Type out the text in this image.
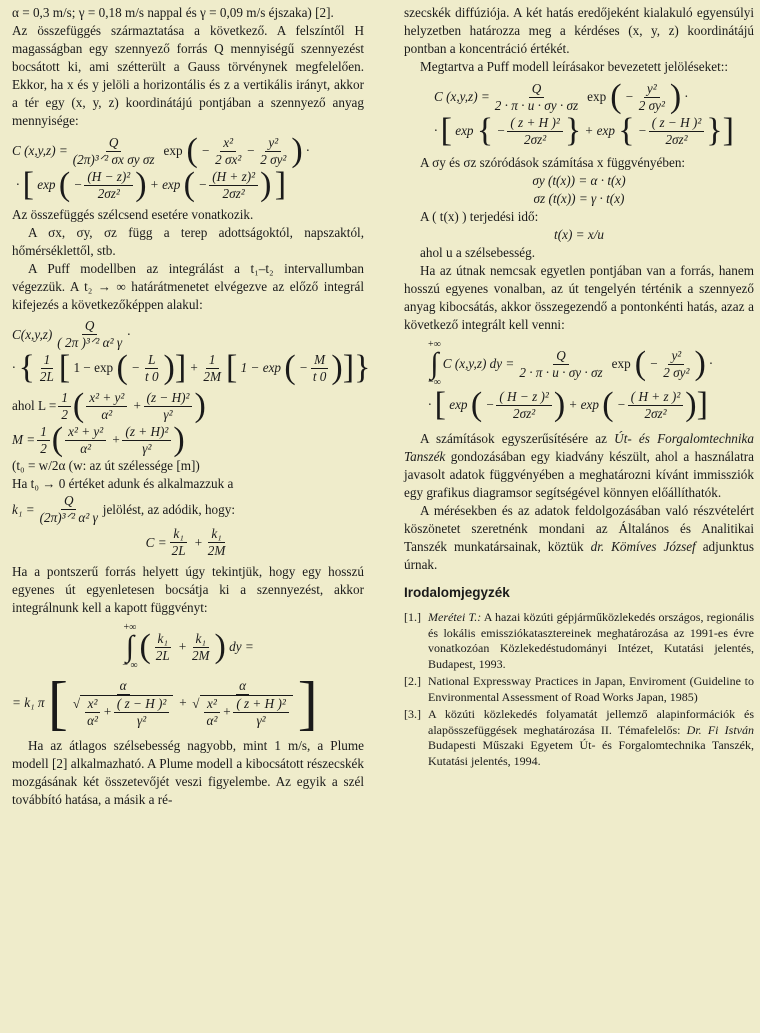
α = 0,3 m/s; γ = 0,18 m/s nappal és γ = 0,09 m/s éjszaka) [2].

Az összefüggés származtatása a következő. A felszíntől H magasságban egy szennyező forrás Q mennyiségű szennyezést bocsátott ki, ami szétterült a Gauss törvénynek megfelelően. Ekkor, ha x és y jelöli a horizontális és z a vertikális irányt, akkor a tér egy (x, y, z) koordinátájú pontjában a szennyező anyag mennyisége:

C $(x,y,z) = \frac{Q}{\text{(2π)³ᐟ² σx σy σz}}$ exp ( − $\frac{\text{x²}}{\text{2 σx²}} - \frac{\text{y²}}{\text{2 σy²}}$ ) ·
· [ exp ( − $\frac{\text{(H − z)²}}{\text{2σz²}}$ ) + exp ( − $\frac{\text{(H + z)²}}{\text{2σz²}}$ )
]

Az összefüggés szélcsend esetére vonatkozik.

A σx, σy, σz függ a terep adottságoktól, napszaktól, hőmérséklettől, stb.

A Puff modellben az integrálást a t₁–t₂ intervallumban végezzük. A t₂ → ∞ határátmenetet elvégezve az előző integrál kifejezés a következőképpen alakul:

$C(x,y,z) \frac{Q}{\text{( 2π )³ᐟ² α² γ}}$ ·
· { $\frac{1}{2L}$ [
1 − exp
( − $\frac{L}{t 0}$ ) ] + $\frac{1}{2M}$ [ 1 − exp ( − $\frac{M}{t 0}$ ) ] }
ahol $L = \frac{1}{2}$ ( $\frac{\text{x² + y²}}{\text{α²}} + \frac{\text{(z − H)²}}{\text{γ²}}$ )
$M = \frac{1}{2}$ ( $\frac{\text{x² + y²}}{\text{α²}} + \frac{\text{(z + H)²}}{\text{γ²}}$ )

(t₀ = w/2α (w: az út szélessége [m])

Ha t₀ → 0 értéket adunk és alkalmazzuk a

$k_1 = \frac{Q}{\text{(2π)³ᐟ² α² γ}}$ jelölést, az adódik, hogy:
$C = \frac{\text{k₁}}{2L} + \frac{\text{k₁}}{2M}$

Ha a pontszerű forrás helyett úgy tekintjük, hogy egy hosszú egyenes út egyenletesen bocsátja ki a szennyezést, akkor integrálnunk kell a kapott függvényt:

+∞
∫
− ∞
( $\frac{\text{k₁}}{2L} + \frac{\text{k₁}}{2M}$ )
dy =
= k₁ π
[ $\frac{\alpha}{√ \frac{\text{x²}}{\text{α²}} + \frac{\text{( z − H )²}}{\text{γ²}}} + \frac{\alpha}{√ \frac{\text{x²}}{\text{α²}} + \frac{\text{( z + H )²}}{\text{γ²}}}$ ]

Ha az átlagos szélsebesség nagyobb, mint 1 m/s, a Plume modell [2] alkalmazható. A Plume modell a kibocsátott részecskék mozgásának két összetevőjét veszi figyelembe. Az egyik a szél továbbító hatása, a másik a ré-

szecskék diffúziója. A két hatás eredőjeként kialakuló egyensúlyi helyzetben határozza meg a kérdéses (x, y, z) koordinátájú pontban a koncentráció értékét.

Megtartva a Puff modell leírásakor bevezetett jelöléseket::

C $(x,y,z) = \frac{Q}{2 \cdot \pi \cdot u \cdot \sigma y \cdot \sigma z}$ exp ( − $\frac{\text{y²}}{\text{2 σy²}}$ ) ·
· [ exp { − $\frac{\text{( z + H )²}}{\text{2σz²}}$ } + exp { − $\frac{\text{( z − H )²}}{\text{2σz²}}$ } ]

A σy és σz szóródások számítása x függvényében:

σy (t(x)) = α · t(x)
σz (t(x)) = γ · t(x)

A ( t(x) ) terjedési idő:

t(x) = x/u

ahol u a szélsebesség.

Ha az útnak nemcsak egyetlen pontjában van a forrás, hanem hosszú egyenes vonalban, az út tengelyén térténik a szennyező anyag kibocsátás, akkor összegezendő a pontonkénti hatás, azaz a következő integrált kell venni:

+∞
∫
−∞
C (x,y,z) dy = $\frac{Q}{2 \cdot \pi \cdot u \cdot \sigma y \cdot \sigma z}$ exp ( − $\frac{\text{y²}}{\text{2 σy²}}$ ) ·
· [ exp ( − $\frac{\text{( H − z )²}}{\text{2σz²}}$ ) + exp ( − $\frac{\text{( H + z )²}}{\text{2σz²}}$ ) ]

A számítások egyszerűsítésére az Út- és Forgalomtechnika Tanszék gondozásában egy kiadvány készült, ahol a használatra javasolt adatok függvényében a meghatározni kívánt immissziók egy grafikus diagramsor segítségével könnyen előállíthatók.

A mérésekben és az adatok feldolgozásában való részvételért köszönetet szeretnénk mondani az Általános és Analitikai Tanszék munkatársainak, köztük dr. Kömíves József adjunktus úrnak.

Irodalomjegyzék
[1.] Merétei T.: A hazai közúti gépjárműközlekedés országos, regionális és lokális emissziókatasztereinek meghatározása az 1991-es évre vonatkozóan Közlekedéstudományi Intézet, Kutatási jelentés, Budapest, 1993.
[2.] National Expressway Practices in Japan, Enviroment (Guideline to Environmental Assessment of Road Works Japan, 1985)
[3.] A közúti közlekedés folyamatát jellemző alapinformációk és alapösszefüggések meghatározása II. Témafelelős: Dr. Fi István Budapesti Műszaki Egyetem Út- és Forgalomtechnika Tanszék, Kutatási jelentés, 1994.
